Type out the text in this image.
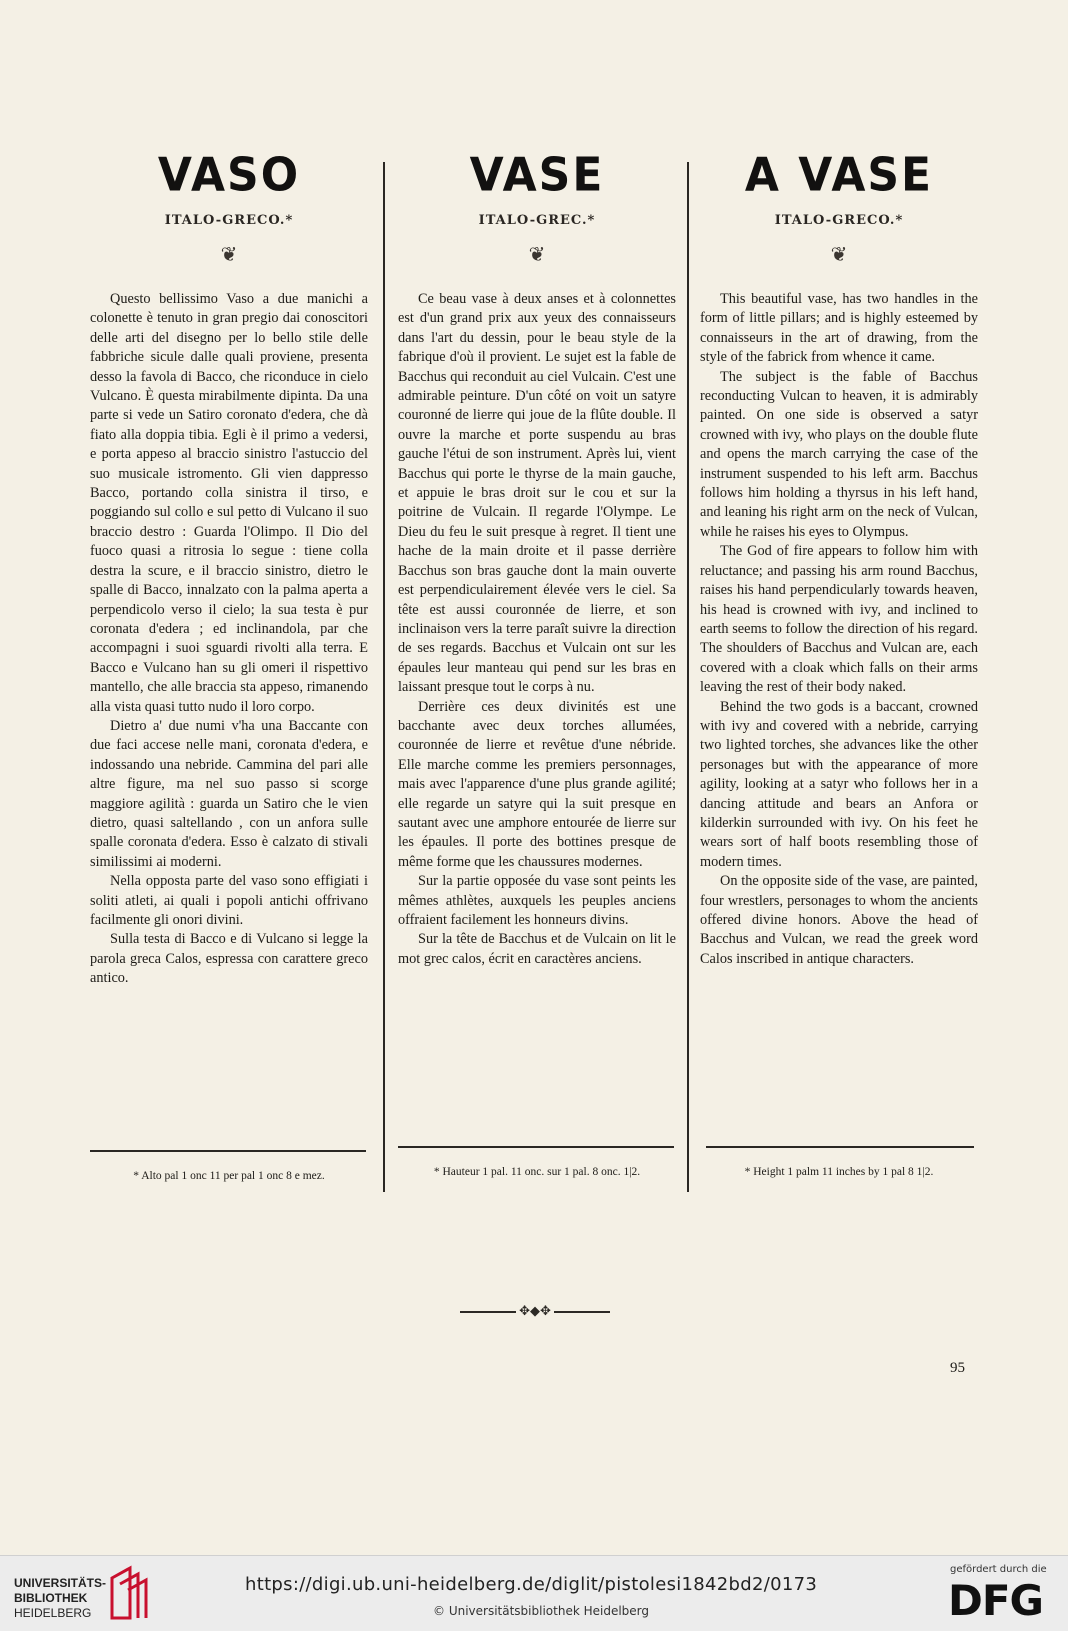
VASO
ITALO-GRECO.*
❦

Questo bellissimo Vaso a due manichi a colonette è tenuto in gran pregio dai conoscitori delle arti del disegno per lo bello stile delle fabbriche sicule dalle quali proviene, presenta desso la favola di Bacco, che riconduce in cielo Vulcano. È questa mirabilmente dipinta. Da una parte si vede un Satiro coronato d'edera, che dà fiato alla doppia tibia. Egli è il primo a vedersi, e porta appeso al braccio sinistro l'astuccio del suo musicale istromento. Gli vien dappresso Bacco, portando colla sinistra il tirso, e poggiando sul collo e sul petto di Vulcano il suo braccio destro : Guarda l'Olimpo. Il Dio del fuoco quasi a ritrosia lo segue : tiene colla destra la scure, e il braccio sinistro, dietro le spalle di Bacco, innalzato con la palma aperta a perpendicolo verso il cielo; la sua testa è pur coronata d'edera ; ed inclinandola, par che accompagni i suoi sguardi rivolti alla terra. E Bacco e Vulcano han su gli omeri il rispettivo mantello, che alle braccia sta appeso, rimanendo alla vista quasi tutto nudo il loro corpo.

Dietro a' due numi v'ha una Baccante con due faci accese nelle mani, coronata d'edera, e indossando una nebride. Cammina del pari alle altre figure, ma nel suo passo si scorge maggiore agilità : guarda un Satiro che le vien dietro, quasi saltellando , con un anfora sulle spalle coronata d'edera. Esso è calzato di stivali similissimi ai moderni.

Nella opposta parte del vaso sono effigiati i soliti atleti, ai quali i popoli antichi offrivano facilmente gli onori divini.

Sulla testa di Bacco e di Vulcano si legge la parola greca Calos, espressa con carattere greco antico.

VASE
ITALO-GREC.*
❦

Ce beau vase à deux anses et à colonnettes est d'un grand prix aux yeux des connaisseurs dans l'art du dessin, pour le beau style de la fabrique d'où il provient. Le sujet est la fable de Bacchus qui reconduit au ciel Vulcain. C'est une admirable peinture. D'un côté on voit un satyre couronné de lierre qui joue de la flûte double. Il ouvre la marche et porte suspendu au bras gauche l'étui de son instrument. Après lui, vient Bacchus qui porte le thyrse de la main gauche, et appuie le bras droit sur le cou et sur la poitrine de Vulcain. Il regarde l'Olympe. Le Dieu du feu le suit presque à regret. Il tient une hache de la main droite et il passe derrière Bacchus son bras gauche dont la main ouverte est perpendiculairement élevée vers le ciel. Sa tête est aussi couronnée de lierre, et son inclinaison vers la terre paraît suivre la direction de ses regards. Bacchus et Vulcain ont sur les épaules leur manteau qui pend sur les bras en laissant presque tout le corps à nu.

Derrière ces deux divinités est une bacchante avec deux torches allumées, couronnée de lierre et revêtue d'une nébride. Elle marche comme les premiers personnages, mais avec l'apparence d'une plus grande agilité; elle regarde un satyre qui la suit presque en sautant avec une amphore entourée de lierre sur les épaules. Il porte des bottines presque de même forme que les chaussures modernes.

Sur la partie opposée du vase sont peints les mêmes athlètes, auxquels les peuples anciens offraient facilement les honneurs divins.

Sur la tête de Bacchus et de Vulcain on lit le mot grec calos, écrit en caractères anciens.

A VASE
ITALO-GRECO.*
❦

This beautiful vase, has two handles in the form of little pillars; and is highly esteemed by connaisseurs in the art of drawing, from the style of the fabrick from whence it came.

The subject is the fable of Bacchus reconducting Vulcan to heaven, it is admirably painted. On one side is observed a satyr crowned with ivy, who plays on the double flute and opens the march carrying the case of the instrument suspended to his left arm. Bacchus follows him holding a thyrsus in his left hand, and leaning his right arm on the neck of Vulcan, while he raises his eyes to Olympus.

The God of fire appears to follow him with reluctance; and passing his arm round Bacchus, raises his hand perpendicularly towards heaven, his head is crowned with ivy, and inclined to earth seems to follow the direction of his regard. The shoulders of Bacchus and Vulcan are, each covered with a cloak which falls on their arms leaving the rest of their body naked.

Behind the two gods is a baccant, crowned with ivy and covered with a nebride, carrying two lighted torches, she advances like the other personages but with the appearance of more agility, looking at a satyr who follows her in a dancing attitude and bears an Anfora or kilderkin surrounded with ivy. On his feet he wears sort of half boots resembling those of modern times.

On the opposite side of the vase, are painted, four wrestlers, personages to whom the ancients offered divine honors. Above the head of Bacchus and Vulcan, we read the greek word Calos inscribed in antique characters.

* Alto pal 1 onc 11 per pal 1 onc 8 e mez.	* Hauteur 1 pal. 11 onc. sur 1 pal. 8 onc. 1|2.	* Height 1 palm 11 inches by 1 pal 8 1|2.
✥◆✥
95
UNIVERSITÄTS-
BIBLIOTHEK
HEIDELBERG
https://digi.ub.uni-heidelberg.de/diglit/pistolesi1842bd2/0173
© Universitätsbibliothek Heidelberg
gefördert durch die
DFG
